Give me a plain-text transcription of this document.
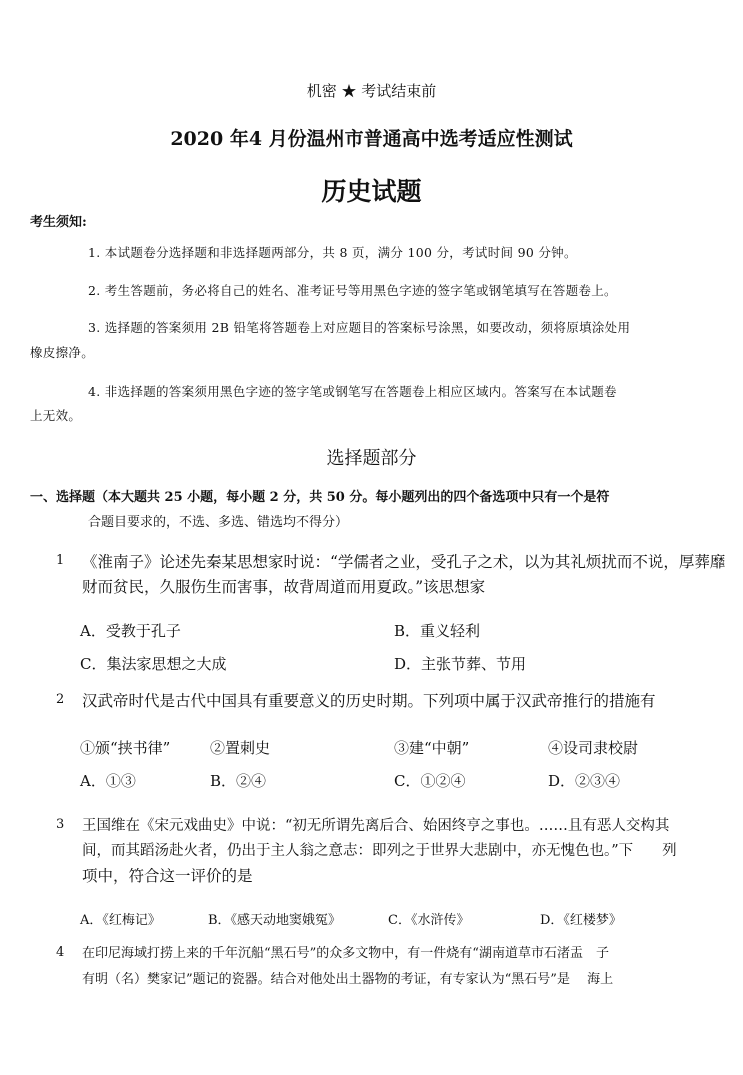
机密 ★ 考试结束前
2020 年4 月份温州市普通高中选考适应性测试
历史试题
考生须知:
1. 本试题卷分选择题和非选择题两部分，共 8 页，满分 100 分，考试时间 90 分钟。
2. 考生答题前，务必将自己的姓名、准考证号等用黑色字迹的签字笔或钢笔填写在答题卷上。
3. 选择题的答案须用 2B 铅笔将答题卷上对应题目的答案标号涂黑，如要改动，须将原填涂处用
橡皮擦净。
4. 非选择题的答案须用黑色字迹的签字笔或钢笔写在答题卷上相应区域内。答案写在本试题卷
上无效。
选择题部分
一、选择题（本大题共 25 小题，每小题 2 分，共 50 分。每小题列出的四个备选项中只有一个是符
合题目要求的，不选、多选、错选均不得分）
1 《淮南子》论述先秦某思想家时说：“学儒者之业，受孔子之术，以为其礼烦扰而不说，厚葬靡
财而贫民，久服伤生而害事，故背周道而用夏政。”该思想家
A．受教于孔子	B．重义轻利
C．集法家思想之大成	D．主张节葬、节用
2 汉武帝时代是古代中国具有重要意义的历史时期。下列项中属于汉武帝推行的措施有
①颁“挟书律”	②置刺史	③建“中朝”	④设司隶校尉
A．①③	B．②④	C．①②④	D．②③④
3 王国维在《宋元戏曲史》中说：“初无所谓先离后合、始困终亨之事也。……且有恶人交构其
间，而其蹈汤赴火者，仍出于主人翁之意志：即列之于世界大悲剧中，亦无愧色也。”下　　列
项中，符合这一评价的是
A．《红梅记》	B．《感天动地窦娥冤》	C．《水浒传》	D．《红楼梦》
4 在印尼海域打捞上来的千年沉船“黑石号”的众多文物中，有一件烧有“湖南道草市石渚盂　子
有明（名）樊家记”题记的瓷器。结合对他处出土器物的考证，有专家认为“黑石号”是　 海上
